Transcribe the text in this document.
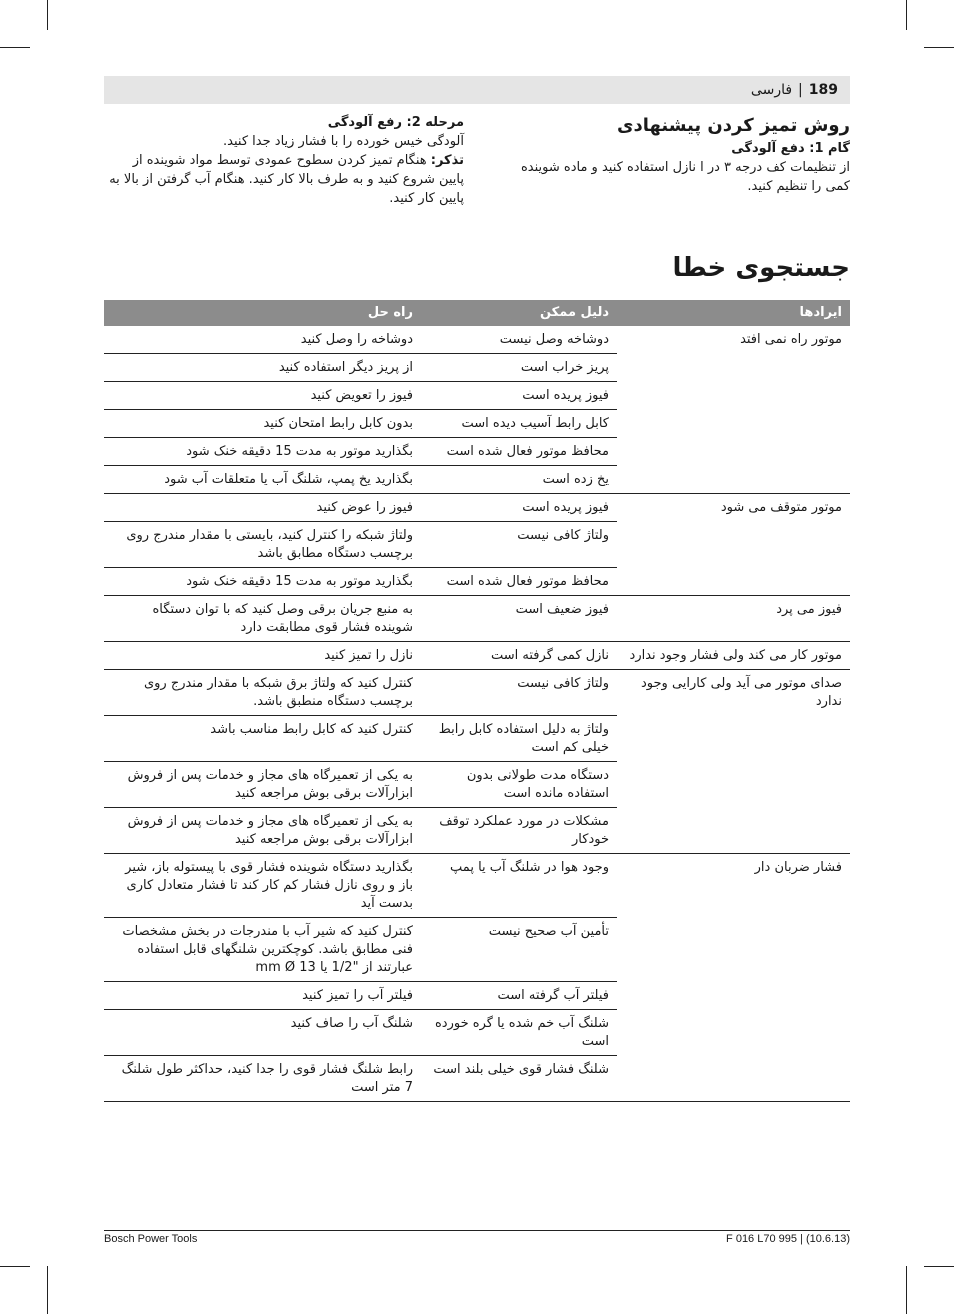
189|فارسی

روش تمیز کردن پیشنهادی

گام 1: دفع آلودگی

از تنظیمات کف درجه ۳ در ا نازل استفاده کنید و ماده شوینده کمی را تنظیم کنید.

مرحله 2: رفع آلودگی

آلودگی خیس خورده را با فشار زیاد جدا کنید.

تذکر: هنگام تمیز کردن سطوح عمودی توسط مواد شوینده از پایین شروع کنید و به طرف بالا کار کنید. هنگام آب گرفتن از بالا به پایین کار کنید.

جستجوی خطا
ایرادها	دلیل ممکن	راه حل
موتور راه نمی افتد	دوشاخه وصل نیست	دوشاخه را وصل کنید
	پریز خراب است	از پریز دیگر استفاده کنید
	فیوز پریده است	فیوز را تعویض کنید
	کابل رابط آسیب دیده است	بدون کابل رابط امتحان کنید
	محافظ موتور فعال شده است	بگذارید موتور به مدت 15 دقیقه خنک شود
	یخ زده است	بگذارید یخ پمپ، شلنگ آب یا متعلقات آب شود
موتور متوقف می شود	فیوز پریده است	فیوز را عوض کنید
	ولتاژ کافی نیست	ولتاژ شبکه را کنترل کنید، بایستی با مقدار مندرج روی برچسب دستگاه مطابق باشد
	محافظ موتور فعال شده است	بگذارید موتور به مدت 15 دقیقه خنک شود
فیوز می پرد	فیوز ضعیف است	به منبع جریان برقی وصل کنید که با توان دستگاه شوینده فشار قوی مطابقت دارد
موتور کار می کند ولی فشار وجود ندارد	نازل کمی گرفته است	نازل را تمیز کنید
صدای موتور می آید ولی کارایی وجود ندارد	ولتاژ کافی نیست	کنترل کنید که ولتاژ برق شبکه با مقدار مندرج روی برچسب دستگاه منطبق باشد.
	ولتاژ به دلیل استفاده کابل رابط خیلی کم است	کنترل کنید که کابل رابط مناسب باشد
	دستگاه مدت طولانی بدون استفاده مانده است	به یکی از تعمیرگاه های مجاز و خدمات پس از فروش ابزارآلات برقی بوش مراجعه کنید
	مشکلات در مورد عملکرد توقف خودکار	به یکی از تعمیرگاه های مجاز و خدمات پس از فروش ابزارآلات برقی بوش مراجعه کنید
فشار ضربان دار	وجود هوا در شلنگ آب یا پمپ	بگذارید دستگاه شوینده فشار قوی با پیستوله باز، شیر باز و روی نازل فشار کم کار کند تا فشار متعادل کاری بدست آید
	تأمین آب صحیح نیست	کنترل کنید که شیر آب با مندرجات در بخش مشخصات فنی مطابق باشد. کوچکترین شلنگهای قابل استفاده عبارتند از "1/2 یا 13 mm Ø
	فیلتر آب گرفته است	فیلتر آب را تمیز کنید
	شلنگ آب خم شده یا گره خورده است	شلنگ آب را صاف کنید
	شلنگ فشار قوی خیلی بلند است	رابط شلنگ فشار قوی را جدا کنید، حداکثر طول شلنگ 7 متر است
Bosch Power Tools	F 016 L70 995 | (10.6.13)
